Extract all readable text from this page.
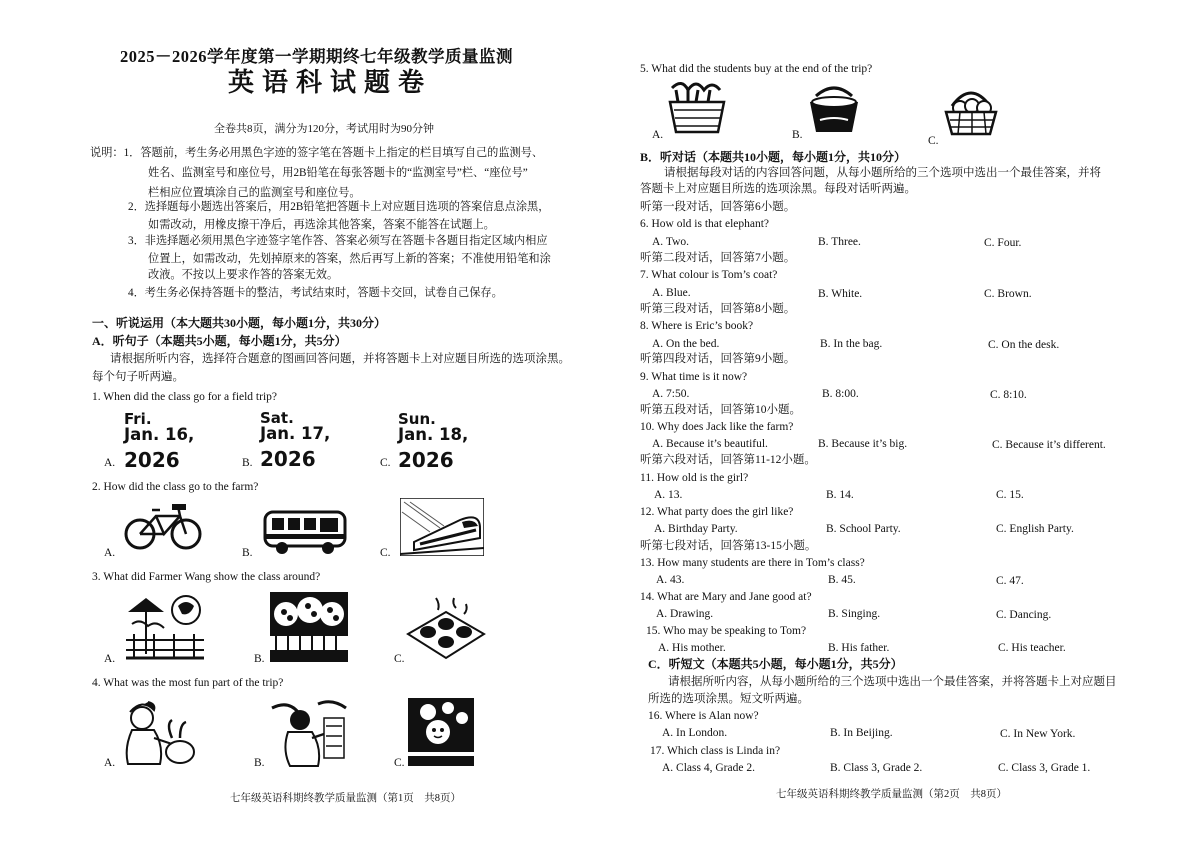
2025－2026学年度第一学期期终七年级教学质量监测
英语科试题卷
全卷共8页，满分为120分，考试用时为90分钟
说明：1．答题前，考生务必用黑色字迹的签字笔在答题卡上指定的栏目填写自己的监测号、
姓名、监测室号和座位号，用2B铅笔在每张答题卡的“监测室号”栏、“座位号”
栏相应位置填涂自己的监测室号和座位号。
2．选择题每小题选出答案后，用2B铅笔把答题卡上对应题目选项的答案信息点涂黑，
如需改动，用橡皮擦干净后，再选涂其他答案，答案不能答在试题上。
3．非选择题必须用黑色字迹签字笔作答、答案必须写在答题卡各题目指定区域内相应
位置上，如需改动，先划掉原来的答案，然后再写上新的答案；不准使用铅笔和涂
改液。不按以上要求作答的答案无效。
4．考生务必保持答题卡的整洁，考试结束时，答题卡交回，试卷自己保存。
一、听说运用（本大题共30小题，每小题1分，共30分）
A．听句子（本题共5小题，每小题1分，共5分）
请根据所听内容，选择符合题意的图画回答问题，并将答题卡上对应题目所选的选项涂黑。
每个句子听两遍。
1. When did the class go for a field trip?
A.
Fri.
Jan. 16,
2026	B.
Sat.
Jan. 17,
2026	C.
Sun.
Jan. 18,
2026
2. How did the class go to the farm?
A.	B.	C.
3. What did Farmer Wang show the class around?
A.	B.	C.
4. What was the most fun part of the trip?
A.	B.	C.
七年级英语科期终教学质量监测（第1页　共8页）
5. What did the students buy at the end of the trip?
A.	B.	C.
B．听对话（本题共10小题，每小题1分，共10分）
请根据每段对话的内容回答问题，从每小题所给的三个选项中选出一个最佳答案，并将
答题卡上对应题目所选的选项涂黑。每段对话听两遍。
听第一段对话，回答第6小题。
6. How old is that elephant?
A. Two.	B. Three.	C. Four.
听第二段对话，回答第7小题。
7. What colour is Tom’s coat?
A. Blue.	B. White.	C. Brown.
听第三段对话，回答第8小题。
8. Where is Eric’s book?
A. On the bed.	B. In the bag.	C. On the desk.
听第四段对话，回答第9小题。
9. What time is it now?
A. 7:50.	B. 8:00.	C. 8:10.
听第五段对话，回答第10小题。
10. Why does Jack like the farm?
A. Because it’s beautiful.	B. Because it’s big.	C. Because it’s different.
听第六段对话，回答第11-12小题。
11. How old is the girl?
A. 13.	B. 14.	C. 15.
12. What party does the girl like?
A. Birthday Party.	B. School Party.	C. English Party.
听第七段对话，回答第13-15小题。
13. How many students are there in Tom’s class?
A. 43.	B. 45.	C. 47.
14. What are Mary and Jane good at?
A. Drawing.	B. Singing.	C. Dancing.
15. Who may be speaking to Tom?
A. His mother.	B. His father.	C. His teacher.
C．听短文（本题共5小题，每小题1分，共5分）
请根据所听内容，从每小题所给的三个选项中选出一个最佳答案，并将答题卡上对应题目
所选的选项涂黑。短文听两遍。
16. Where is Alan now?
A. In London.	B. In Beijing.	C. In New York.
17. Which class is Linda in?
A. Class 4, Grade 2.	B. Class 3, Grade 2.	C. Class 3, Grade 1.
七年级英语科期终教学质量监测（第2页　共8页）
